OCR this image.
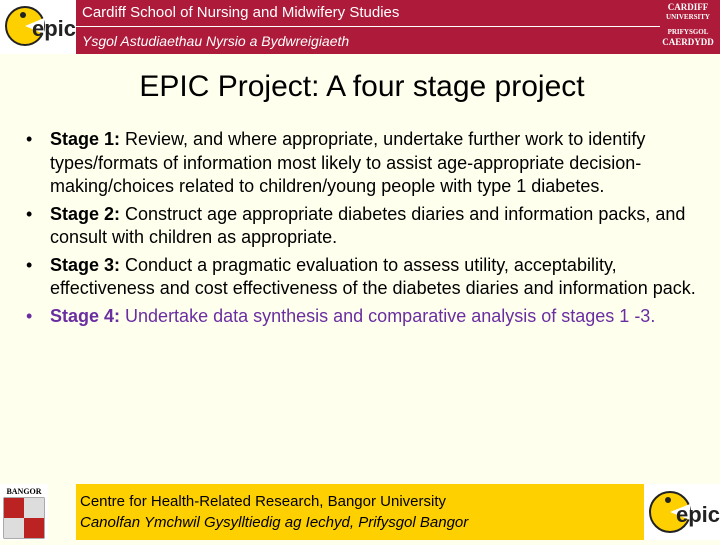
epic
Cardiff School of Nursing and Midwifery Studies
Ysgol Astudiaethau Nyrsio a Bydwreigiaeth
CARDIFF
UNIVERSITY
PRIFYSGOL
CAERDYDD
EPIC Project: A four stage project
• Stage 1: Review, and where appropriate, undertake further work to identify types/formats of information most likely to assist age-appropriate decision-making/choices related to children/young people with type 1 diabetes.
• Stage 2: Construct age appropriate diabetes diaries and information packs, and consult with children as appropriate.
• Stage 3: Conduct a pragmatic evaluation to assess utility, acceptability, effectiveness and cost effectiveness of the diabetes diaries and information pack.
• Stage 4: Undertake data synthesis and comparative analysis of stages 1 -3.
BANGOR
Centre for Health-Related Research, Bangor University
Canolfan Ymchwil Gysylltiedig ag Iechyd, Prifysgol Bangor	epic
